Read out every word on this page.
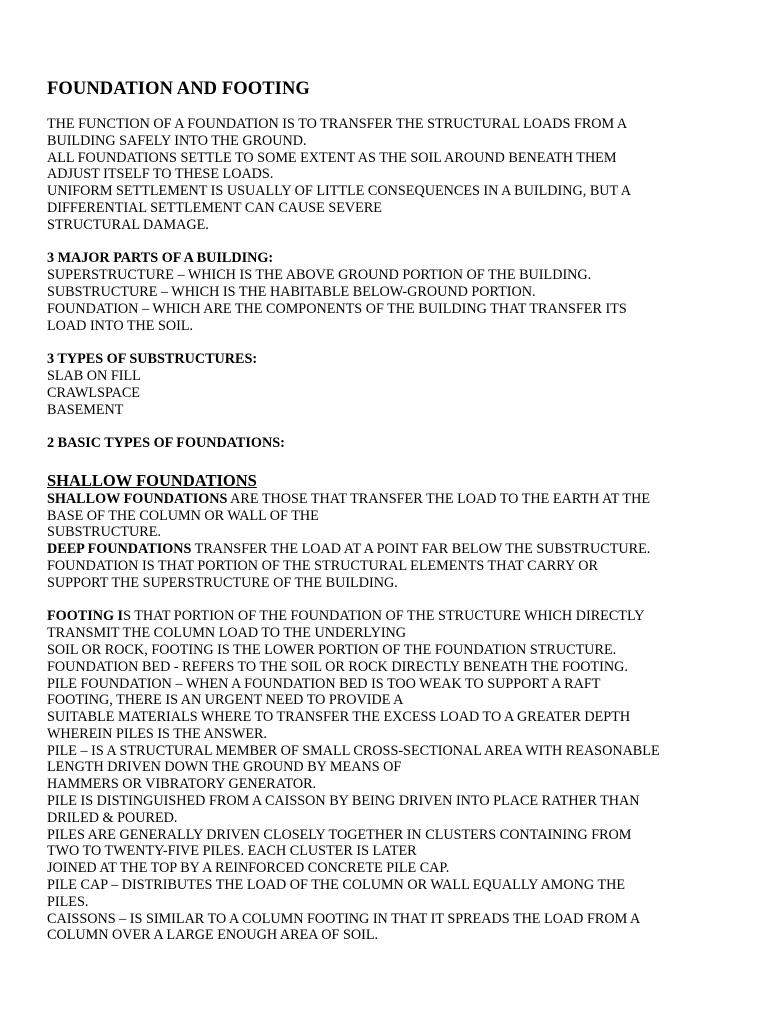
FOUNDATION AND FOOTING
THE FUNCTION OF A FOUNDATION IS TO TRANSFER THE STRUCTURAL LOADS FROM A
BUILDING SAFELY INTO THE GROUND.
ALL FOUNDATIONS SETTLE TO SOME EXTENT AS THE SOIL AROUND BENEATH THEM
ADJUST ITSELF TO THESE LOADS.
UNIFORM SETTLEMENT IS USUALLY OF LITTLE CONSEQUENCES IN A BUILDING, BUT A
DIFFERENTIAL SETTLEMENT CAN CAUSE SEVERE
STRUCTURAL DAMAGE.
3 MAJOR PARTS OF A BUILDING:
SUPERSTRUCTURE – WHICH IS THE ABOVE GROUND PORTION OF THE BUILDING.
SUBSTRUCTURE – WHICH IS THE HABITABLE BELOW-GROUND PORTION.
FOUNDATION – WHICH ARE THE COMPONENTS OF THE BUILDING THAT TRANSFER ITS
LOAD INTO THE SOIL.
3 TYPES OF SUBSTRUCTURES:
SLAB ON FILL
CRAWLSPACE
BASEMENT
2 BASIC TYPES OF FOUNDATIONS:
SHALLOW FOUNDATIONS
SHALLOW FOUNDATIONS ARE THOSE THAT TRANSFER THE LOAD TO THE EARTH AT THE
BASE OF THE COLUMN OR WALL OF THE
SUBSTRUCTURE.
DEEP FOUNDATIONS TRANSFER THE LOAD AT A POINT FAR BELOW THE SUBSTRUCTURE.
FOUNDATION IS THAT PORTION OF THE STRUCTURAL ELEMENTS THAT CARRY OR
SUPPORT THE SUPERSTRUCTURE OF THE BUILDING.
FOOTING IS THAT PORTION OF THE FOUNDATION OF THE STRUCTURE WHICH DIRECTLY
TRANSMIT THE COLUMN LOAD TO THE UNDERLYING
SOIL OR ROCK, FOOTING IS THE LOWER PORTION OF THE FOUNDATION STRUCTURE.
FOUNDATION BED - REFERS TO THE SOIL OR ROCK DIRECTLY BENEATH THE FOOTING.
PILE FOUNDATION – WHEN A FOUNDATION BED IS TOO WEAK TO SUPPORT A RAFT
FOOTING, THERE IS AN URGENT NEED TO PROVIDE A
SUITABLE MATERIALS WHERE TO TRANSFER THE EXCESS LOAD TO A GREATER DEPTH
WHEREIN PILES IS THE ANSWER.
PILE – IS A STRUCTURAL MEMBER OF SMALL CROSS-SECTIONAL AREA WITH REASONABLE
LENGTH DRIVEN DOWN THE GROUND BY MEANS OF
HAMMERS OR VIBRATORY GENERATOR.
PILE IS DISTINGUISHED FROM A CAISSON BY BEING DRIVEN INTO PLACE RATHER THAN
DRILED & POURED.
PILES ARE GENERALLY DRIVEN CLOSELY TOGETHER IN CLUSTERS CONTAINING FROM
TWO TO TWENTY-FIVE PILES. EACH CLUSTER IS LATER
JOINED AT THE TOP BY A REINFORCED CONCRETE PILE CAP.
PILE CAP – DISTRIBUTES THE LOAD OF THE COLUMN OR WALL EQUALLY AMONG THE
PILES.
CAISSONS – IS SIMILAR TO A COLUMN FOOTING IN THAT IT SPREADS THE LOAD FROM A
COLUMN OVER A LARGE ENOUGH AREA OF SOIL.
